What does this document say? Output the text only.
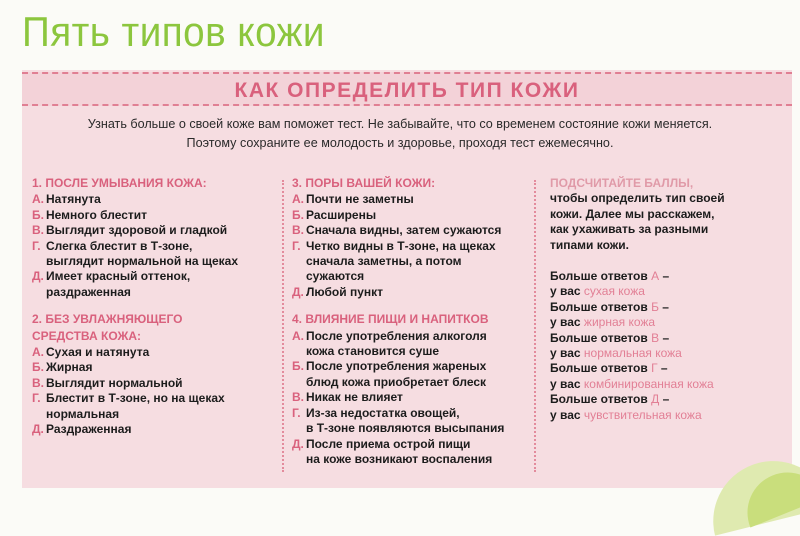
Пять типов кожи
КАК ОПРЕДЕЛИТЬ ТИП КОЖИ
Узнать больше о своей коже вам поможет тест. Не забывайте, что со временем состояние кожи меняется.
Поэтому сохраните ее молодость и здоровье, проходя тест ежемесячно.
1. ПОСЛЕ УМЫВАНИЯ КОЖА:
А. Натянута
Б. Немного блестит
В. Выглядит здоровой и гладкой
Г. Слегка блестит в Т-зоне,
выглядит нормальной на щеках
Д. Имеет красный оттенок,
раздраженная
2. БЕЗ УВЛАЖНЯЮЩЕГО
СРЕДСТВА КОЖА:
А. Сухая и натянута
Б. Жирная
В. Выглядит нормальной
Г. Блестит в Т-зоне, но на щеках
нормальная
Д. Раздраженная
3. ПОРЫ ВАШЕЙ КОЖИ:
А. Почти не заметны
Б. Расширены
В. Сначала видны, затем сужаются
Г. Четко видны в Т-зоне, на щеках
сначала заметны, а потом
сужаются
Д. Любой пункт
4. ВЛИЯНИЕ ПИЩИ И НАПИТКОВ
А. После употребления алкоголя
кожа становится суше
Б. После употребления жареных
блюд кожа приобретает блеск
В. Никак не влияет
Г. Из-за недостатка овощей,
в Т-зоне появляются высыпания
Д. После приема острой пищи
на коже возникают воспаления
ПОДСЧИТАЙТЕ БАЛЛЫ,
чтобы определить тип своей
кожи. Далее мы расскажем,
как ухаживать за разными
типами кожи.
Больше ответов А –
у вас сухая кожа
Больше ответов Б –
у вас жирная кожа
Больше ответов В –
у вас нормальная кожа
Больше ответов Г –
у вас комбинированная кожа
Больше ответов Д –
у вас чувствительная кожа
